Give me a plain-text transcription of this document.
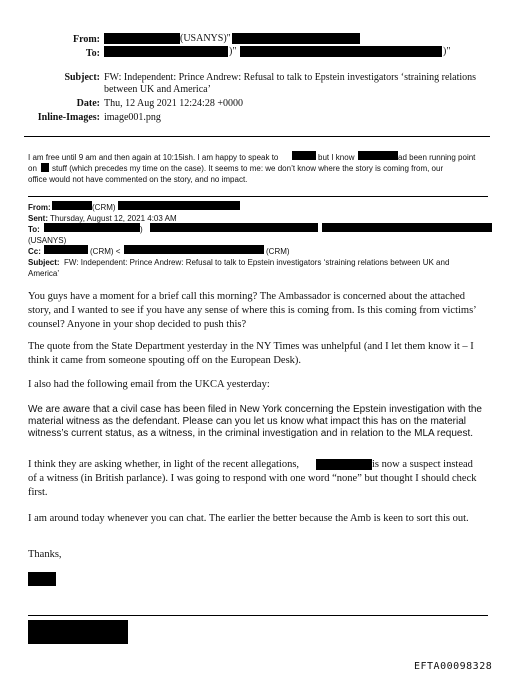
From:	(USANYS)"
To:	)"	)"
Subject: FW: Independent: Prince Andrew: Refusal to talk to Epstein investigators ‘straining relations
between UK and America’
Date: Thu, 12 Aug 2021 12:24:28 +0000
Inline-Images: image001.png
I am free until 9 am and then again at 10:15ish. I am happy to speak to	but I know	ad been running point
on stuff (which precedes my time on the case). It seems to me: we don’t know where the story is coming from, our
office would not have commented on the story, and no impact.
From:	(CRM)
Sent: Thursday, August 12, 2021 4:03 AM
To:	)
(USANYS)
Cc:	(CRM) <	(CRM)
Subject: FW: Independent: Prince Andrew: Refusal to talk to Epstein investigators ‘straining relations between UK and
America’
You guys have a moment for a brief call this morning? The Ambassador is concerned about the attached story, and I wanted to see if you have any sense of where this is coming from. Is this coming from victims’ counsel? Anyone in your shop decided to push this?
The quote from the State Department yesterday in the NY Times was unhelpful (and I let them know it – I think it came from someone spouting off on the European Desk).
I also had the following email from the UKCA yesterday:
We are aware that a civil case has been filed in New York concerning the Epstein investigation with the material witness as the defendant. Please can you let us know what impact this has on the material witness’s current status, as a witness, in the criminal investigation and in relation to the MLA request.
I think they are asking whether, in light of the recent allegations,	is now a suspect instead
of a witness (in British parlance). I was going to respond with one word “none” but thought I should check first.
I am around today whenever you can chat. The earlier the better because the Amb is keen to sort this out.
Thanks,
EFTA00098328
